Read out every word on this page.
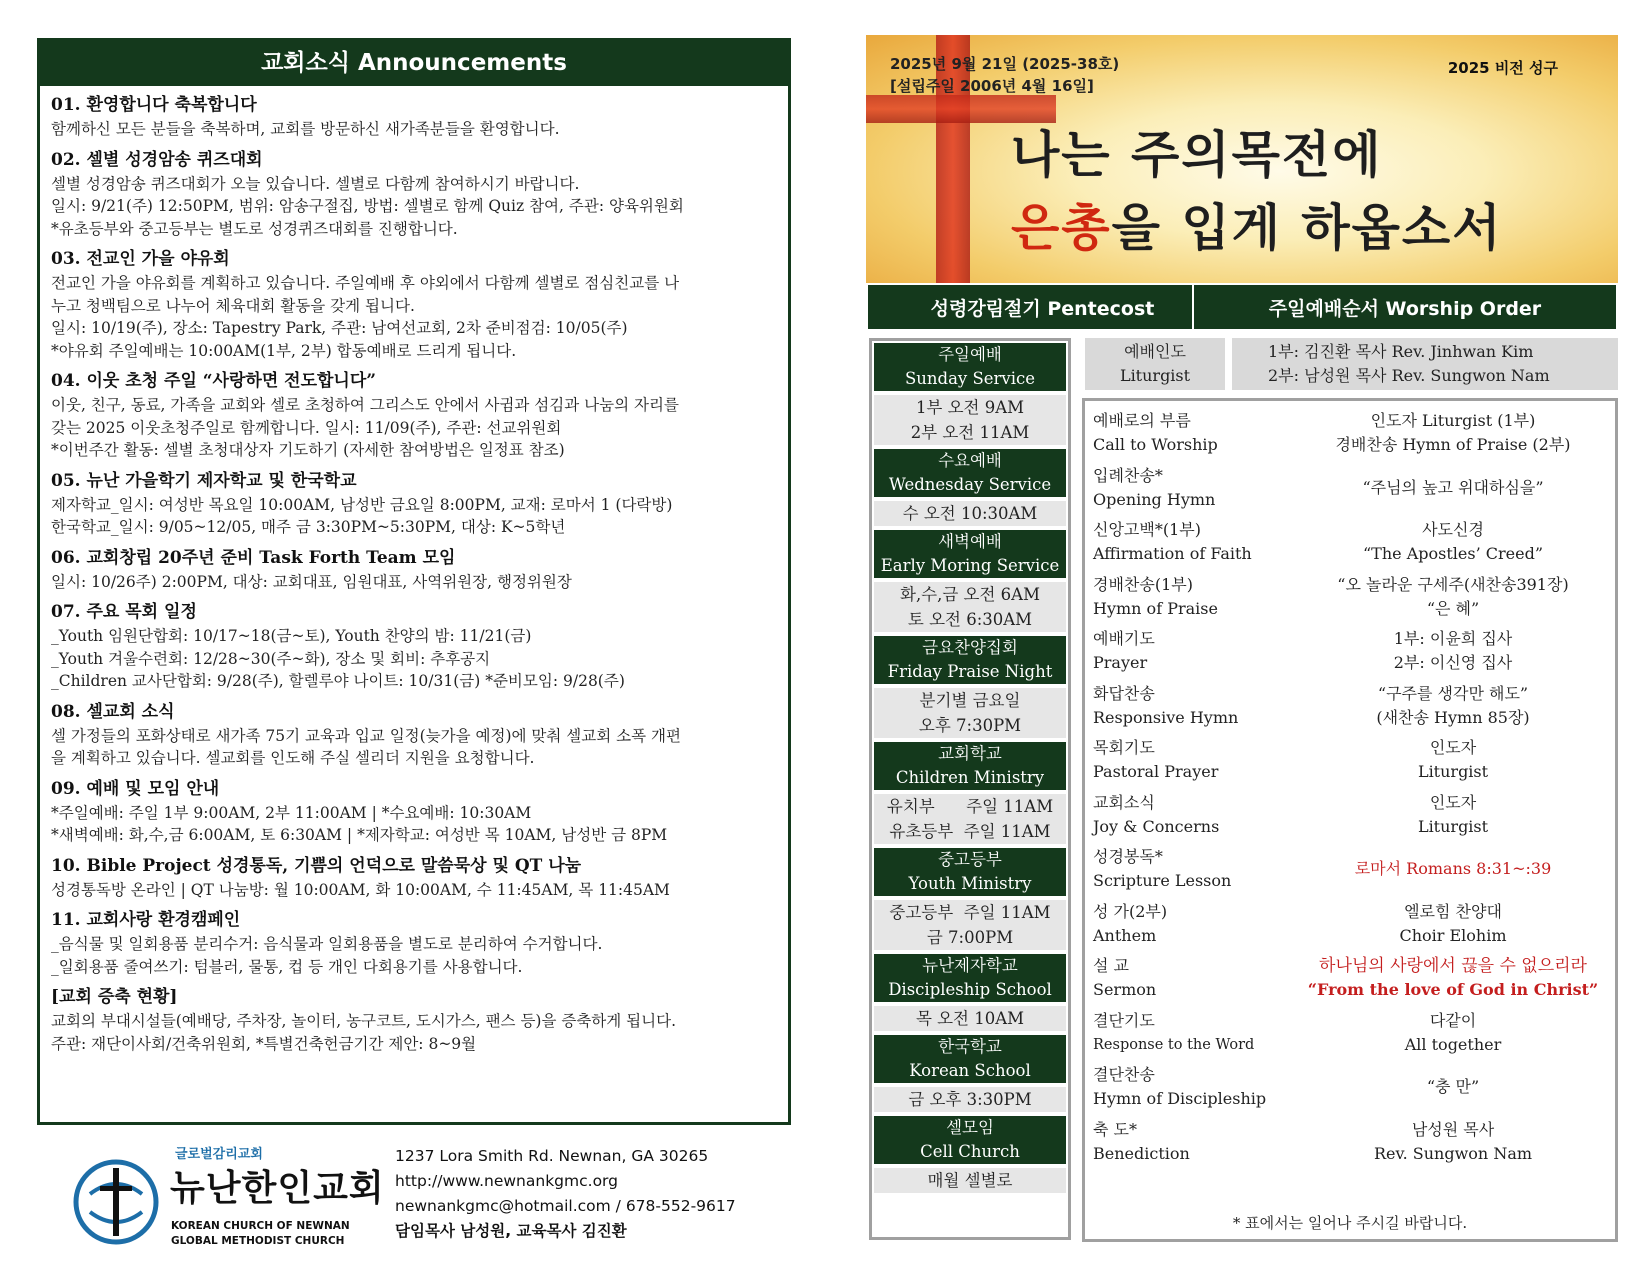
교회소식 Announcements
01. 환영합니다 축복합니다
함께하신 모든 분들을 축복하며, 교회를 방문하신 새가족분들을 환영합니다.
02. 셀별 성경암송 퀴즈대회
셀별 성경암송 퀴즈대회가 오늘 있습니다. 셀별로 다함께 참여하시기 바랍니다.
일시: 9/21(주) 12:50PM, 범위: 암송구절집, 방법: 셀별로 함께 Quiz 참여, 주관: 양육위원회
*유초등부와 중고등부는 별도로 성경퀴즈대회를 진행합니다.
03. 전교인 가을 야유회
전교인 가을 야유회를 계획하고 있습니다. 주일예배 후 야외에서 다함께 셀별로 점심친교를 나
누고 청백팀으로 나누어 체육대회 활동을 갖게 됩니다.
일시: 10/19(주), 장소: Tapestry Park, 주관: 남여선교회, 2차 준비점검: 10/05(주)
*야유회 주일예배는 10:00AM(1부, 2부) 합동예배로 드리게 됩니다.
04. 이웃 초청 주일 “사랑하면 전도합니다”
이웃, 친구, 동료, 가족을 교회와 셀로 초청하여 그리스도 안에서 사귐과 섬김과 나눔의 자리를
갖는 2025 이웃초청주일로 함께합니다. 일시: 11/09(주), 주관: 선교위원회
*이번주간 활동: 셀별 초청대상자 기도하기 (자세한 참여방법은 일정표 참조)
05. 뉴난 가을학기 제자학교 및 한국학교
제자학교_일시: 여성반 목요일 10:00AM, 남성반 금요일 8:00PM, 교재: 로마서 1 (다락방)
한국학교_일시: 9/05~12/05, 매주 금 3:30PM~5:30PM, 대상: K~5학년
06. 교회창립 20주년 준비 Task Forth Team 모임
일시: 10/26주) 2:00PM, 대상: 교회대표, 임원대표, 사역위원장, 행정위원장
07. 주요 목회 일정
_Youth 임원단합회: 10/17~18(금~토), Youth 찬양의 밤: 11/21(금)
_Youth 겨울수련회: 12/28~30(주~화), 장소 및 회비: 추후공지
_Children 교사단합회: 9/28(주), 할렐루야 나이트: 10/31(금) *준비모임: 9/28(주)
08. 셀교회 소식
셀 가정들의 포화상태로 새가족 75기 교육과 입교 일정(늦가을 예정)에 맞춰 셀교회 소폭 개편
을 계획하고 있습니다. 셀교회를 인도해 주실 셀리더 지원을 요청합니다.
09. 예배 및 모임 안내
*주일예배: 주일 1부 9:00AM, 2부 11:00AM | *수요예배: 10:30AM
*새벽예배: 화,수,금 6:00AM, 토 6:30AM | *제자학교: 여성반 목 10AM, 남성반 금 8PM
10. Bible Project 성경통독, 기쁨의 언덕으로 말씀묵상 및 QT 나눔
성경통독방 온라인 | QT 나눔방: 월 10:00AM, 화 10:00AM, 수 11:45AM, 목 11:45AM
11. 교회사랑 환경캠페인
_음식물 및 일회용품 분리수거: 음식물과 일회용품을 별도로 분리하여 수거합니다.
_일회용품 줄여쓰기: 텀블러, 물통, 컵 등 개인 다회용기를 사용합니다.
[교회 증축 현황]
교회의 부대시설들(예배당, 주차장, 놀이터, 농구코트, 도시가스, 팬스 등)을 증축하게 됩니다.
주관: 재단이사회/건축위원회, *특별건축헌금기간 제안: 8~9월
글로벌감리교회
뉴난한인교회
KOREAN CHURCH OF NEWNAN
GLOBAL METHODIST CHURCH
1237 Lora Smith Rd. Newnan, GA 30265
http://www.newnankgmc.org
newnankgmc@hotmail.com / 678-552-9617
담임목사 남성원, 교육목사 김진환
2025년 9월 21일 (2025-38호)
[설립주일 2006년 4월 16일]
2025 비전 성구
나는 주의목전에
은총을 입게 하옵소서
성령강림절기 Pentecost	주일예배순서 Worship Order
주일예배
Sunday Service
1부 오전 9AM
2부 오전 11AM
수요예배
Wednesday Service
수 오전 10:30AM
새벽예배
Early Moring Service
화,수,금 오전 6AM
토 오전 6:30AM
금요찬양집회
Friday Praise Night
분기별 금요일
오후 7:30PM
교회학교
Children Ministry
유치부      주일 11AM
유초등부  주일 11AM
중고등부
Youth Ministry
중고등부  주일 11AM
금 7:00PM
뉴난제자학교
Discipleship School
목 오전 10AM
한국학교
Korean School
금 오후 3:30PM
셀모임
Cell Church
매월 셀별로
예배인도
Liturgist
1부: 김진환 목사 Rev. Jinhwan Kim
2부: 남성원 목사 Rev. Sungwon Nam
예배로의 부름
Call to Worship
인도자 Liturgist (1부)
경배찬송 Hymn of Praise (2부)
입례찬송*
Opening Hymn
“주님의 높고 위대하심을”
신앙고백*(1부)
Affirmation of Faith
사도신경
“The Apostles’ Creed”
경배찬송(1부)
Hymn of Praise
“오 놀라운 구세주(새찬송391장)
“은 혜”
예배기도
Prayer
1부: 이윤희 집사
2부: 이신영 집사
화답찬송
Responsive Hymn
“구주를 생각만 해도”
(새찬송 Hymn 85장)
목회기도
Pastoral Prayer
인도자
Liturgist
교회소식
Joy & Concerns
인도자
Liturgist
성경봉독*
Scripture Lesson
로마서 Romans 8:31~:39
성 가(2부)
Anthem
엘로힘 찬양대
Choir Elohim
설 교
Sermon
하나님의 사랑에서 끊을 수 없으리라
“From the love of God in Christ”
결단기도
Response to the Word
다같이
All together
결단찬송
Hymn of Discipleship
“충 만”
축 도*
Benediction
남성원 목사
Rev. Sungwon Nam
* 표에서는 일어나 주시길 바랍니다.
